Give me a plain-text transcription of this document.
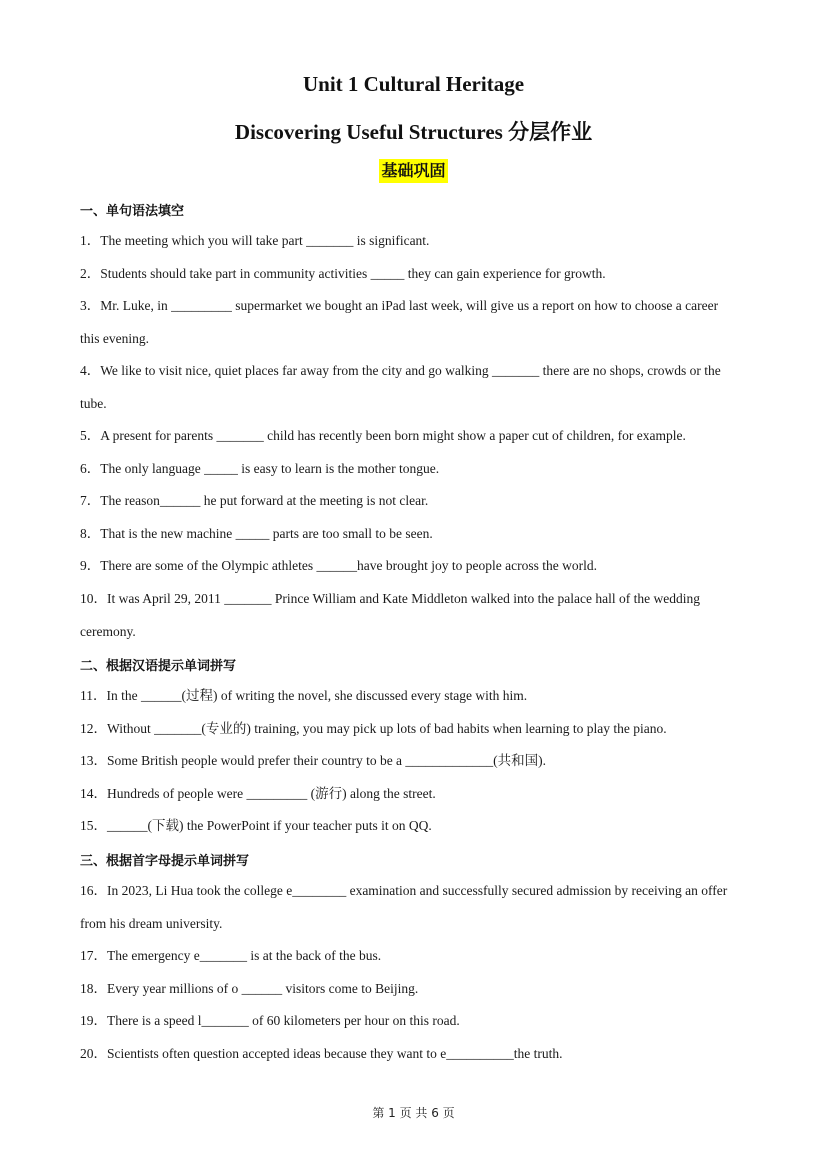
Unit 1 Cultural Heritage
Discovering Useful Structures 分层作业
基础巩固
一、单句语法填空
1．The meeting which you will take part _______ is significant.
2．Students should take part in community activities _____ they can gain experience for growth.
3．Mr. Luke, in _________ supermarket we bought an iPad last week, will give us a report on how to choose a career this evening.
4．We like to visit nice, quiet places far away from the city and go walking _______ there are no shops, crowds or the tube.
5．A present for parents _______ child has recently been born might show a paper cut of children, for example.
6．The only language _____ is easy to learn is the mother tongue.
7．The reason______ he put forward at the meeting is not clear.
8．That is the new machine _____ parts are too small to be seen.
9．There are some of the Olympic athletes ______have brought joy to people across the world.
10．It was April 29, 2011 _______ Prince William and Kate Middleton walked into the palace hall of the wedding ceremony.
二、根据汉语提示单词拼写
11．In the ______(过程) of writing the novel, she discussed every stage with him.
12．Without _______(专业的) training, you may pick up lots of bad habits when learning to play the piano.
13．Some British people would prefer their country to be a _____________(共和国).
14．Hundreds of people were _________ (游行) along the street.
15．______(下载) the PowerPoint if your teacher puts it on QQ.
三、根据首字母提示单词拼写
16．In 2023, Li Hua took the college e________ examination and successfully secured admission by receiving an offer from his dream university.
17．The emergency e_______ is at the back of the bus.
18．Every year millions of o ______ visitors come to Beijing.
19．There is a speed l_______ of 60 kilometers per hour on this road.
20．Scientists often question accepted ideas because they want to e__________the truth.
第 1 页 共 6 页
